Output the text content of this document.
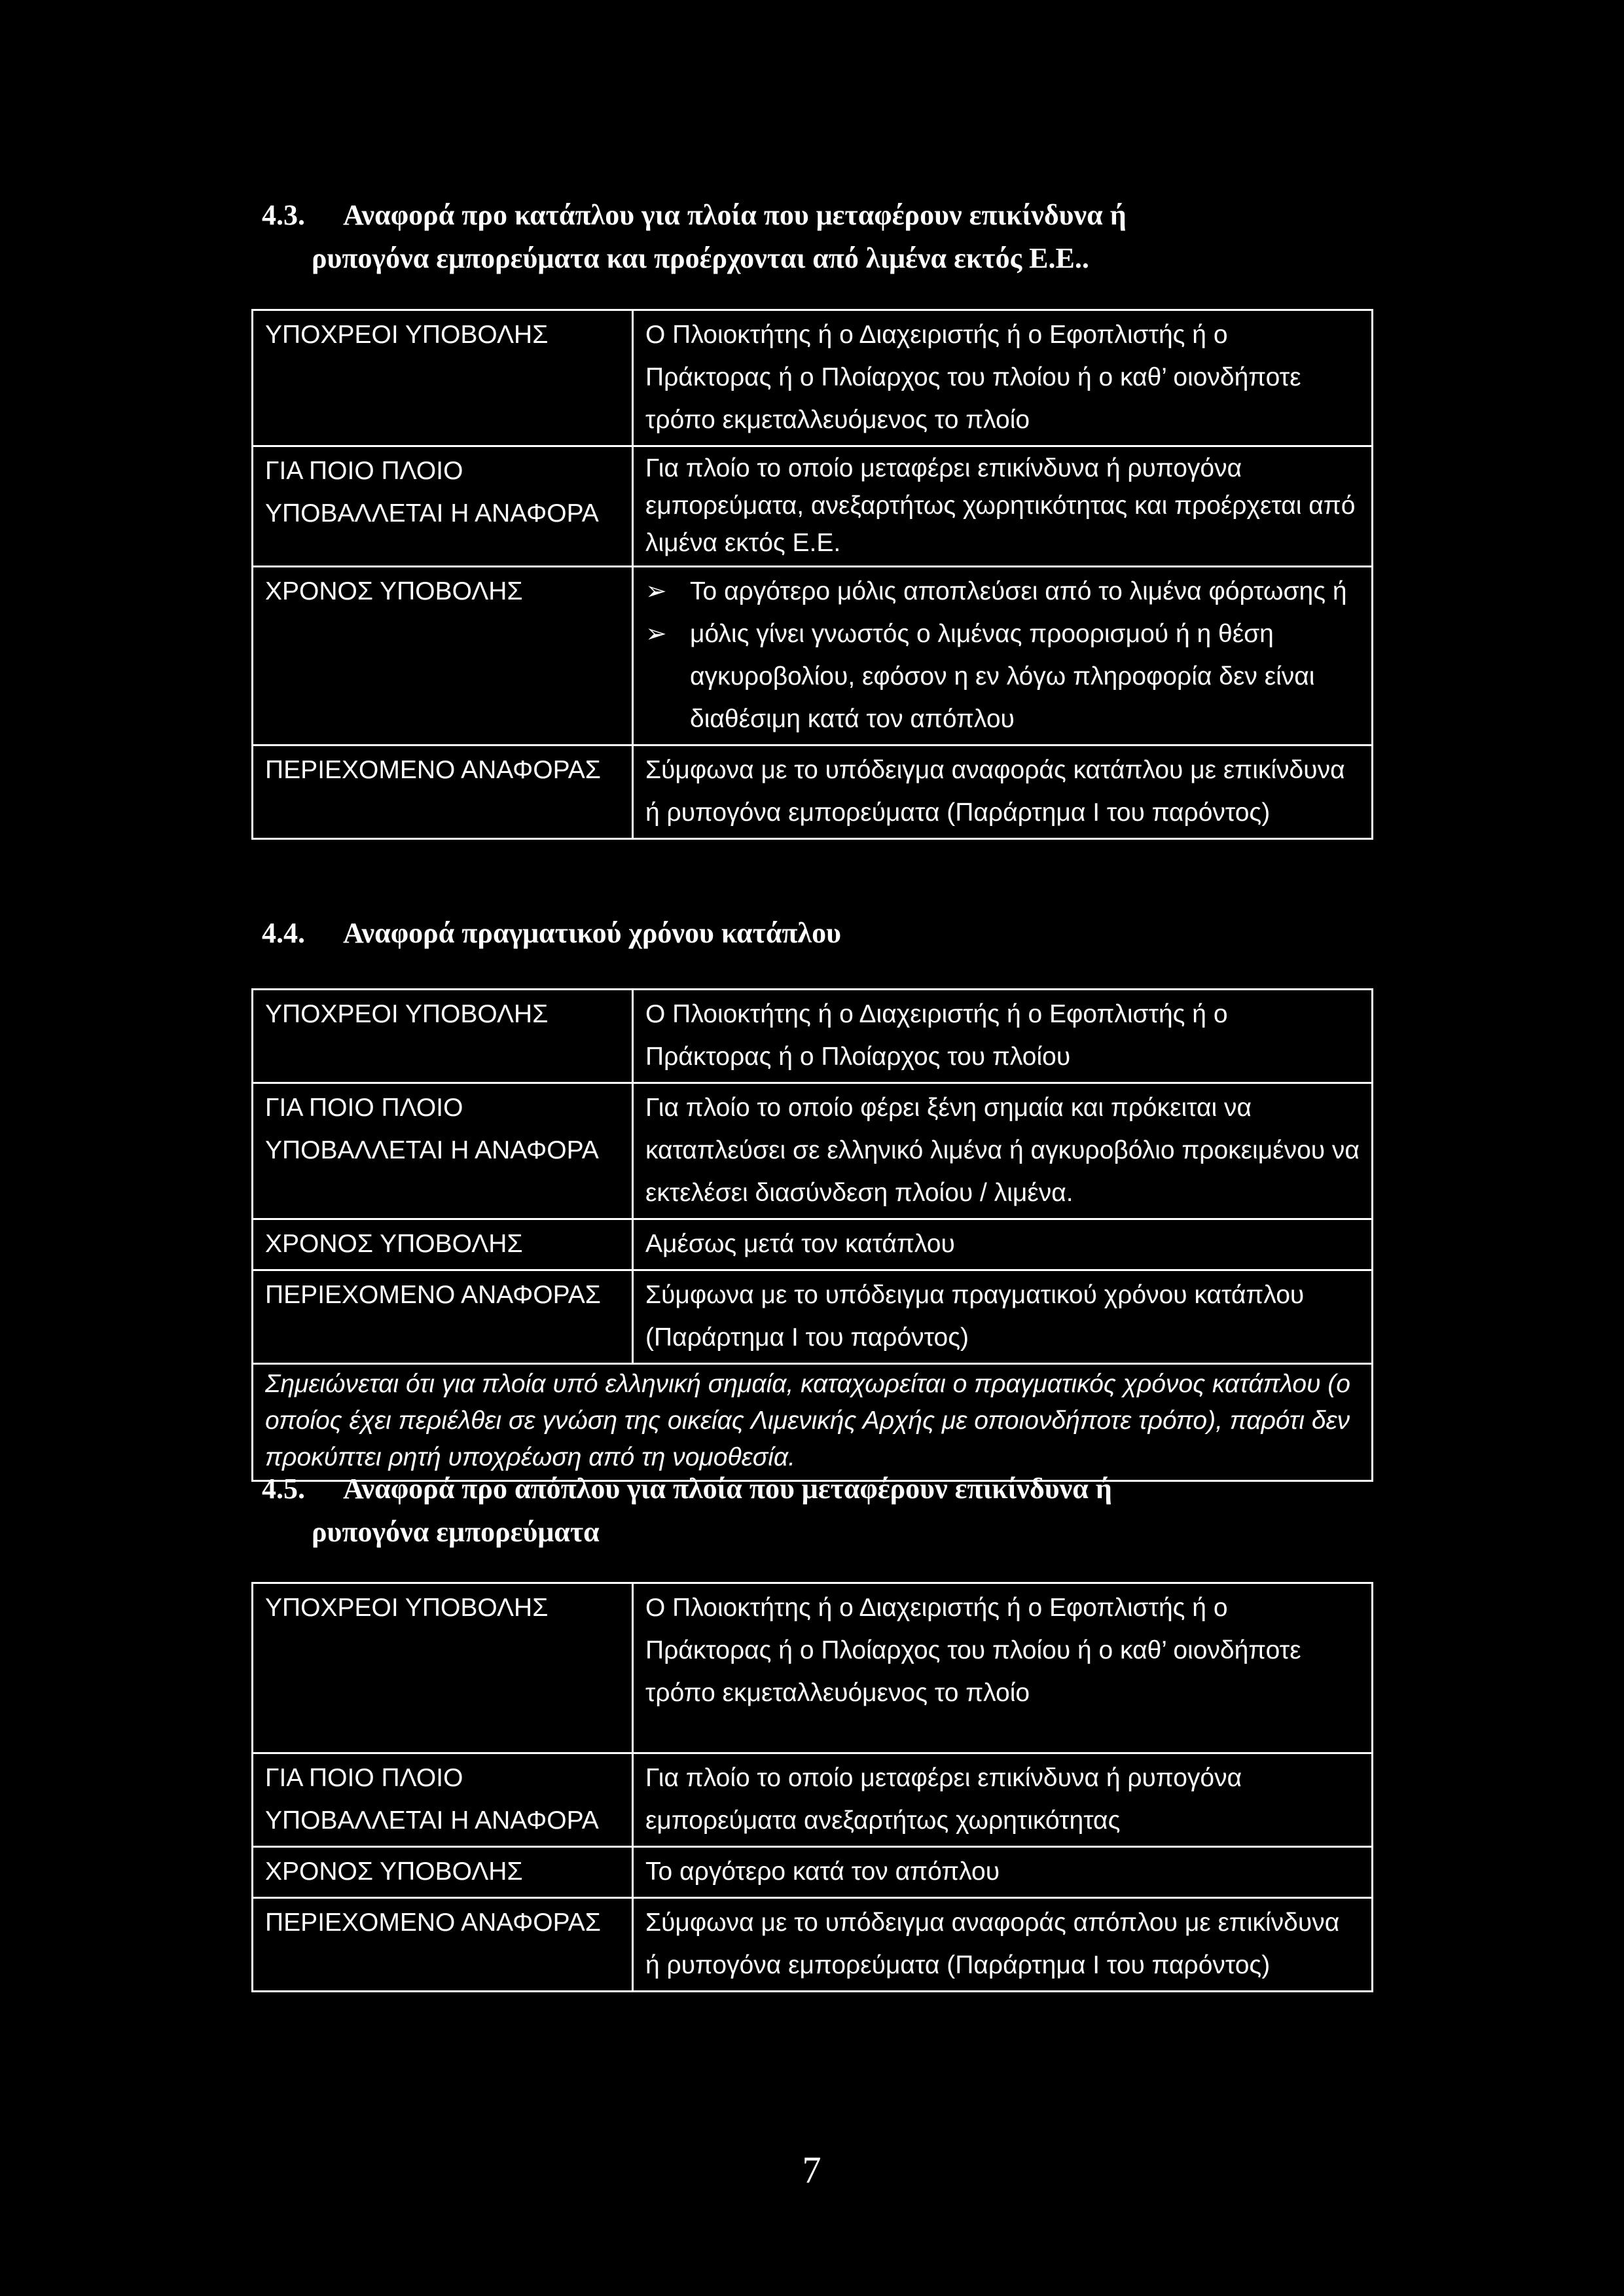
4.3. Αναφορά προ κατάπλου για πλοία που μεταφέρουν επικίνδυνα ή
ρυπογόνα εμπορεύματα και προέρχονται από λιμένα εκτός Ε.Ε..
ΥΠΟΧΡΕΟΙ ΥΠΟΒΟΛΗΣ	Ο Πλοιοκτήτης ή ο Διαχειριστής ή ο Εφοπλιστής ή ο Πράκτορας ή ο Πλοίαρχος του πλοίου ή ο καθ’ οιονδήποτε τρόπο εκμεταλλευόμενος το πλοίο

ΓΙΑ ΠΟΙΟ ΠΛΟΙΟ
ΥΠΟΒΑΛΛΕΤΑΙ Η ΑΝΑΦΟΡΑ	Για πλοίο το οποίο μεταφέρει επικίνδυνα ή ρυπογόνα εμπορεύματα, ανεξαρτήτως χωρητικότητας και προέρχεται από λιμένα εκτός Ε.Ε.
ΧΡΟΝΟΣ ΥΠΟΒΟΛΗΣ	➢ Το αργότερο μόλις αποπλεύσει από το λιμένα φόρτωσης ή
➢ μόλις γίνει γνωστός ο λιμένας προορισμού ή η θέση αγκυροβολίου, εφόσον η εν λόγω πληροφορία δεν είναι διαθέσιμη κατά τον απόπλου

ΠΕΡΙΕΧΟΜΕΝΟ ΑΝΑΦΟΡΑΣ	Σύμφωνα με το υπόδειγμα αναφοράς κατάπλου με επικίνδυνα ή ρυπογόνα εμπορεύματα (Παράρτημα Ι του παρόντος)
4.4. Αναφορά πραγματικού χρόνου κατάπλου
ΥΠΟΧΡΕΟΙ ΥΠΟΒΟΛΗΣ	Ο Πλοιοκτήτης ή ο Διαχειριστής ή ο Εφοπλιστής ή ο Πράκτορας ή ο Πλοίαρχος του πλοίου

ΓΙΑ ΠΟΙΟ ΠΛΟΙΟ
ΥΠΟΒΑΛΛΕΤΑΙ Η ΑΝΑΦΟΡΑ	Για πλοίο το οποίο φέρει ξένη σημαία και πρόκειται να καταπλεύσει σε ελληνικό λιμένα ή αγκυροβόλιο προκειμένου να εκτελέσει διασύνδεση πλοίου / λιμένα.
ΧΡΟΝΟΣ ΥΠΟΒΟΛΗΣ	Αμέσως μετά τον κατάπλου
ΠΕΡΙΕΧΟΜΕΝΟ ΑΝΑΦΟΡΑΣ	Σύμφωνα με το υπόδειγμα πραγματικού χρόνου κατάπλου (Παράρτημα Ι του παρόντος)
Σημειώνεται ότι για πλοία υπό ελληνική σημαία, καταχωρείται ο πραγματικός χρόνος κατάπλου (ο οποίος έχει περιέλθει σε γνώση της οικείας Λιμενικής Αρχής με οποιονδήποτε τρόπο), παρότι δεν προκύπτει ρητή υποχρέωση από τη νομοθεσία.	
4.5. Αναφορά προ απόπλου για πλοία που μεταφέρουν επικίνδυνα ή
ρυπογόνα εμπορεύματα
ΥΠΟΧΡΕΟΙ ΥΠΟΒΟΛΗΣ	Ο Πλοιοκτήτης ή ο Διαχειριστής ή ο Εφοπλιστής ή ο Πράκτορας ή ο Πλοίαρχος του πλοίου ή ο καθ’ οιονδήποτε τρόπο εκμεταλλευόμενος το πλοίο

ΓΙΑ ΠΟΙΟ ΠΛΟΙΟ
ΥΠΟΒΑΛΛΕΤΑΙ Η ΑΝΑΦΟΡΑ	Για πλοίο το οποίο μεταφέρει επικίνδυνα ή ρυπογόνα εμπορεύματα ανεξαρτήτως χωρητικότητας
ΧΡΟΝΟΣ ΥΠΟΒΟΛΗΣ	Το αργότερο κατά τον απόπλου
ΠΕΡΙΕΧΟΜΕΝΟ ΑΝΑΦΟΡΑΣ	Σύμφωνα με το υπόδειγμα αναφοράς απόπλου με επικίνδυνα ή ρυπογόνα εμπορεύματα (Παράρτημα Ι του παρόντος)
7
